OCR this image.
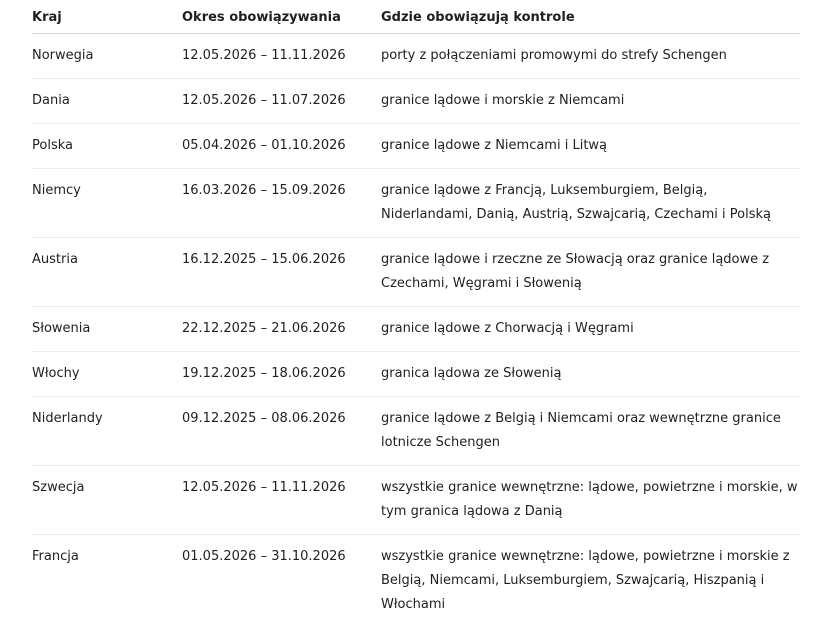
Kraj	Okres obowiązywania	Gdzie obowiązują kontrole
Norwegia	12.05.2026 – 11.11.2026	porty z połączeniami promowymi do strefy Schengen
Dania	12.05.2026 – 11.07.2026	granice lądowe i morskie z Niemcami
Polska	05.04.2026 – 01.10.2026	granice lądowe z Niemcami i Litwą
Niemcy	16.03.2026 – 15.09.2026	granice lądowe z Francją, Luksemburgiem, Belgią, Niderlandami, Danią, Austrią, Szwajcarią, Czechami i Polską
Austria	16.12.2025 – 15.06.2026	granice lądowe i rzeczne ze Słowacją oraz granice lądowe z Czechami, Węgrami i Słowenią
Słowenia	22.12.2025 – 21.06.2026	granice lądowe z Chorwacją i Węgrami
Włochy	19.12.2025 – 18.06.2026	granica lądowa ze Słowenią
Niderlandy	09.12.2025 – 08.06.2026	granice lądowe z Belgią i Niemcami oraz wewnętrzne granice lotnicze Schengen
Szwecja	12.05.2026 – 11.11.2026	wszystkie granice wewnętrzne: lądowe, powietrzne i morskie, w tym granica lądowa z Danią
Francja	01.05.2026 – 31.10.2026	wszystkie granice wewnętrzne: lądowe, powietrzne i morskie z Belgią, Niemcami, Luksemburgiem, Szwajcarią, Hiszpanią i Włochami
